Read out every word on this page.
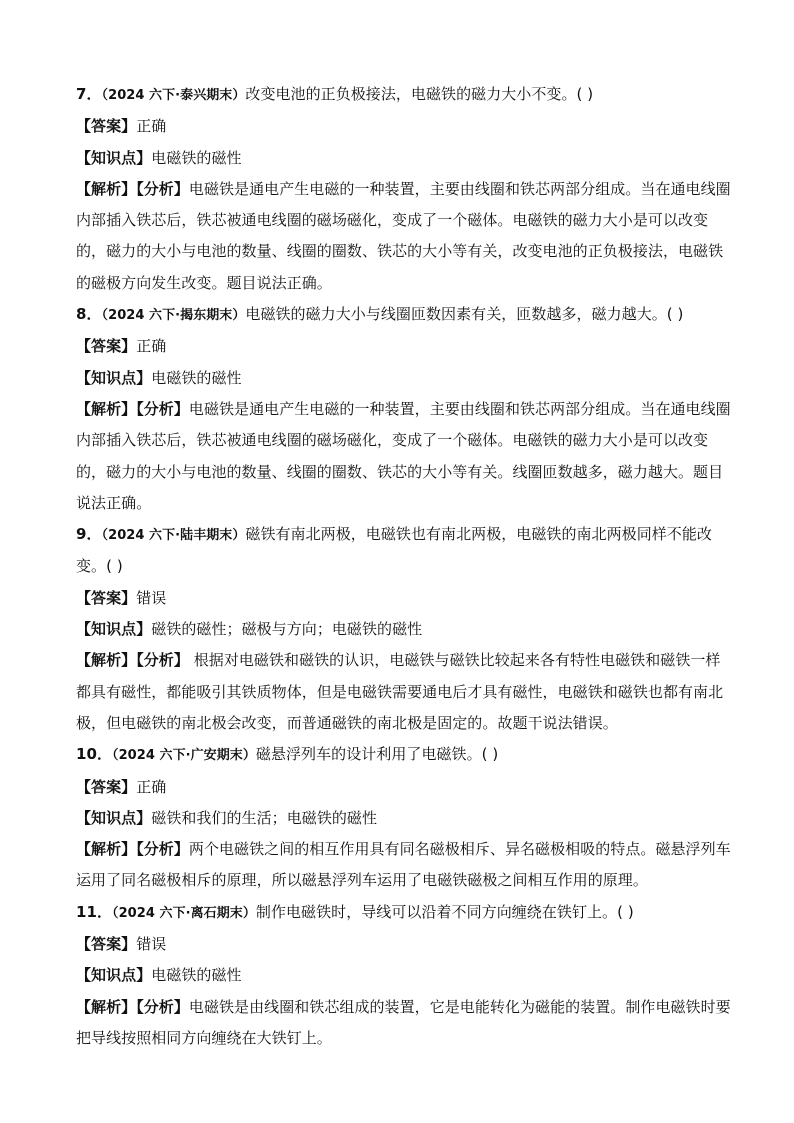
7．（2024 六下·泰兴期末）改变电池的正负极接法，电磁铁的磁力大小不变。( )
【答案】正确
【知识点】电磁铁的磁性
【解析】【分析】电磁铁是通电产生电磁的一种装置，主要由线圈和铁芯两部分组成。当在通电线圈
内部插入铁芯后，铁芯被通电线圈的磁场磁化，变成了一个磁体。电磁铁的磁力大小是可以改变
的，磁力的大小与电池的数量、线圈的圈数、铁芯的大小等有关，改变电池的正负极接法，电磁铁
的磁极方向发生改变。题目说法正确。
8．（2024 六下·揭东期末）电磁铁的磁力大小与线圈匝数因素有关，匝数越多，磁力越大。( )
【答案】正确
【知识点】电磁铁的磁性
【解析】【分析】电磁铁是通电产生电磁的一种装置，主要由线圈和铁芯两部分组成。当在通电线圈
内部插入铁芯后，铁芯被通电线圈的磁场磁化，变成了一个磁体。电磁铁的磁力大小是可以改变
的，磁力的大小与电池的数量、线圈的圈数、铁芯的大小等有关。线圈匝数越多，磁力越大。题目
说法正确。
9．（2024 六下·陆丰期末）磁铁有南北两极，电磁铁也有南北两极，电磁铁的南北两极同样不能改
变。( )
【答案】错误
【知识点】磁铁的磁性；磁极与方向；电磁铁的磁性
【解析】【分析】 根据对电磁铁和磁铁的认识，电磁铁与磁铁比较起来各有特性电磁铁和磁铁一样
都具有磁性，都能吸引其铁质物体，但是电磁铁需要通电后才具有磁性，电磁铁和磁铁也都有南北
极，但电磁铁的南北极会改变，而普通磁铁的南北极是固定的。故题干说法错误。
10．（2024 六下·广安期末）磁悬浮列车的设计利用了电磁铁。( )
【答案】正确
【知识点】磁铁和我们的生活；电磁铁的磁性
【解析】【分析】两个电磁铁之间的相互作用具有同名磁极相斥、异名磁极相吸的特点。磁悬浮列车
运用了同名磁极相斥的原理，所以磁悬浮列车运用了电磁铁磁极之间相互作用的原理。
11．（2024 六下·离石期末）制作电磁铁时，导线可以沿着不同方向缠绕在铁钉上。( )
【答案】错误
【知识点】电磁铁的磁性
【解析】【分析】电磁铁是由线圈和铁芯组成的装置，它是电能转化为磁能的装置。制作电磁铁时要
把导线按照相同方向缠绕在大铁钉上。
